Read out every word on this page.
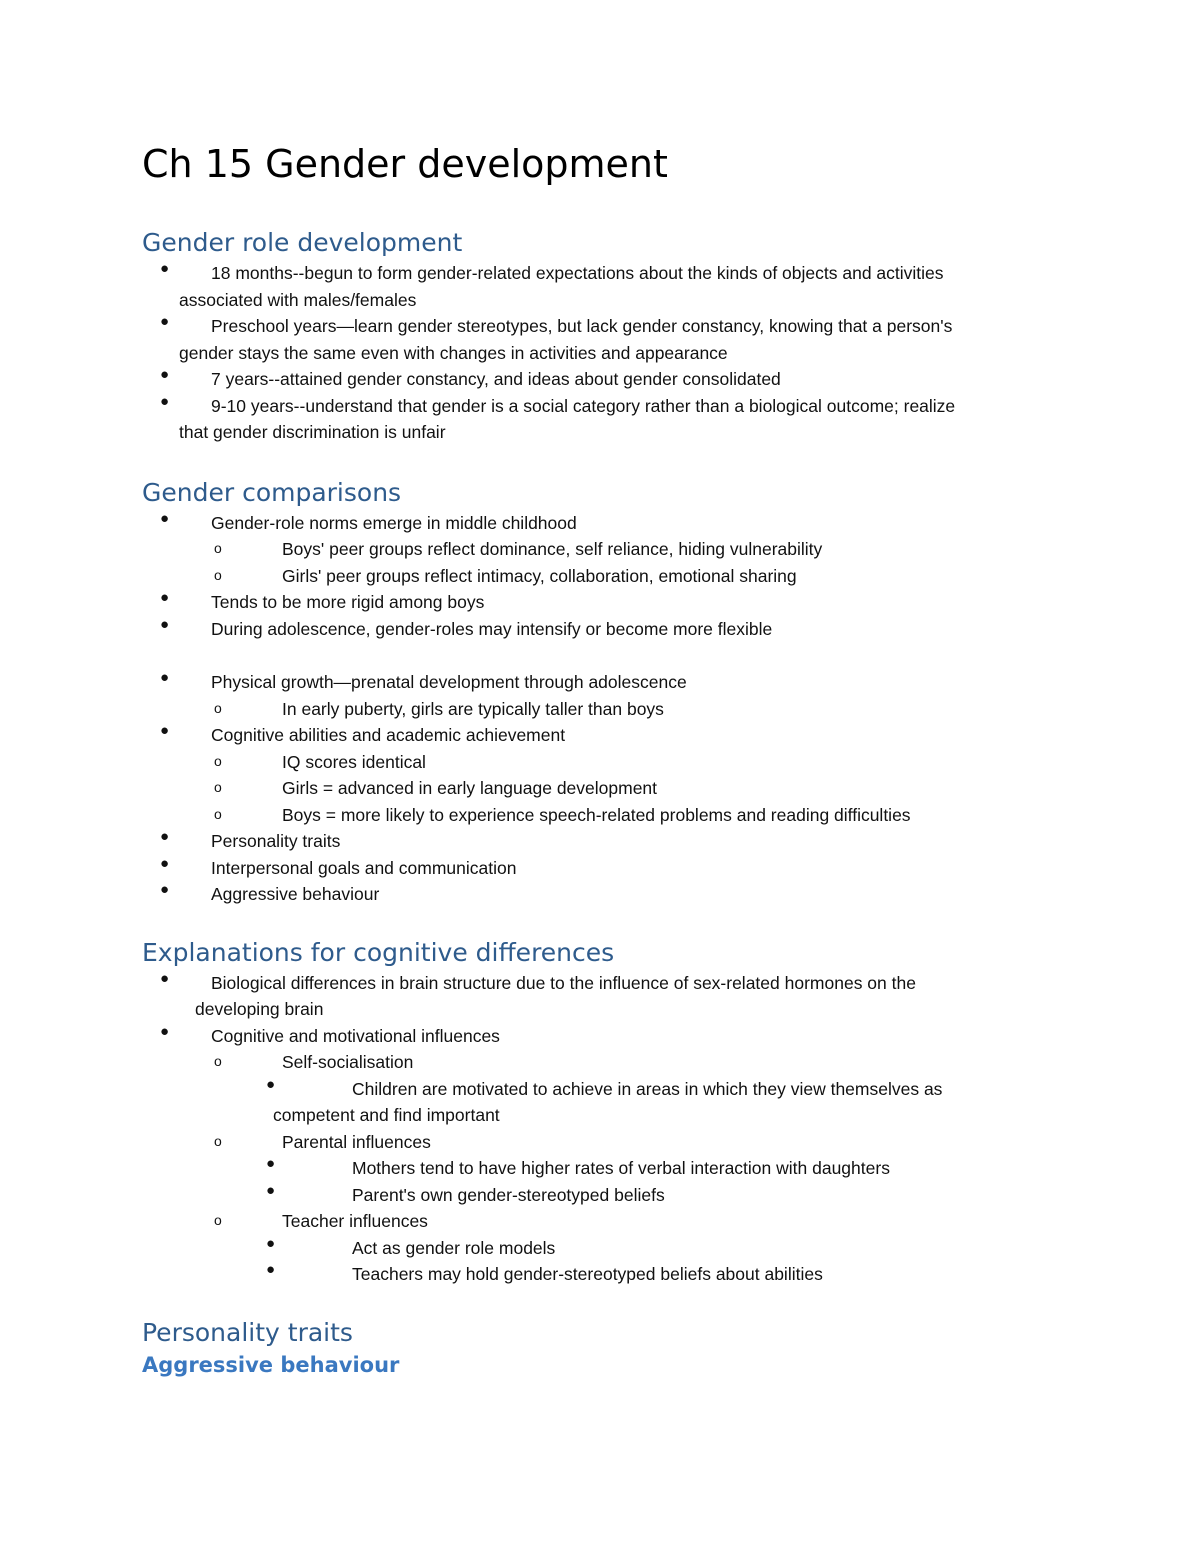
Ch 15 Gender development
Gender role development
●	18 months--begun to form gender-related expectations about the kinds of objects and activities
associated with males/females
●	Preschool years—learn gender stereotypes, but lack gender constancy, knowing that a person's
gender stays the same even with changes in activities and appearance
●	7 years--attained gender constancy, and ideas about gender consolidated
●	9-10 years--understand that gender is a social category rather than a biological outcome; realize
that gender discrimination is unfair
Gender comparisons
● Gender-role norms emerge in middle childhood
o	Boys' peer groups reflect dominance, self reliance, hiding vulnerability
o	Girls' peer groups reflect intimacy, collaboration, emotional sharing
● Tends to be more rigid among boys
● During adolescence, gender-roles may intensify or become more flexible
● Physical growth—prenatal development through adolescence
o	In early puberty, girls are typically taller than boys
● Cognitive abilities and academic achievement
o	IQ scores identical
o	Girls = advanced in early language development
o	Boys = more likely to experience speech-related problems and reading difficulties
● Personality traits
● Interpersonal goals and communication
● Aggressive behaviour
Explanations for cognitive differences
●	Biological differences in brain structure due to the influence of sex-related hormones on the
developing brain
● Cognitive and motivational influences
o	Self-socialisation
●	Children are motivated to achieve in areas in which they view themselves as
competent and find important
o	Parental influences
●	Mothers tend to have higher rates of verbal interaction with daughters
●	Parent's own gender-stereotyped beliefs
o	Teacher influences
●	Act as gender role models
●	Teachers may hold gender-stereotyped beliefs about abilities
Personality traits
Aggressive behaviour
